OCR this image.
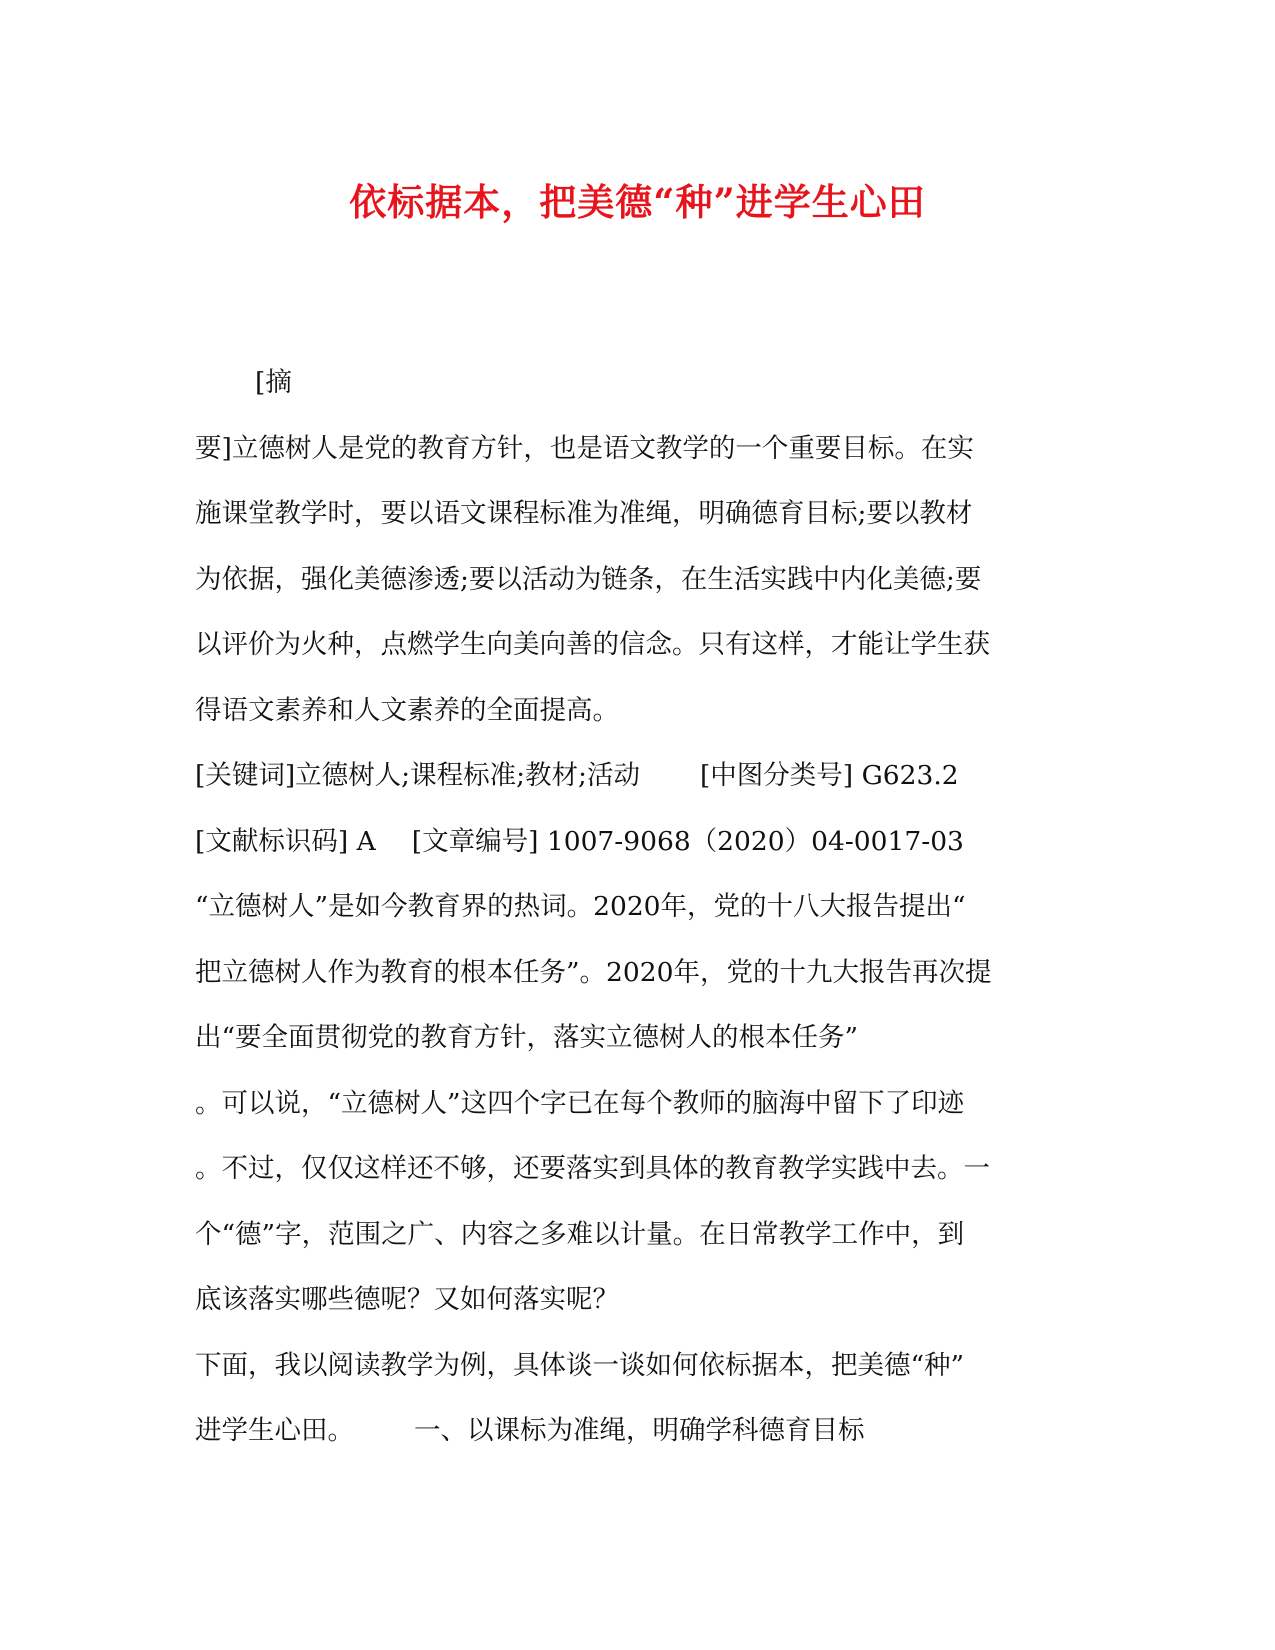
依标据本，把美德“种”进学生心田
[摘
要]立德树人是党的教育方针，也是语文教学的一个重要目标。在实
施课堂教学时，要以语文课程标准为准绳，明确德育目标;要以教材
为依据，强化美德渗透;要以活动为链条，在生活实践中内化美德;要
以评价为火种，点燃学生向美向善的信念。只有这样，才能让学生获
得语文素养和人文素养的全面提高。
[关键词]立德树人;课程标准;教材;活动 [中图分类号] G623.2
[文献标识码] A [文章编号] 1007-9068（2020）04-0017-03
“立德树人”是如今教育界的热词。2020年，党的十八大报告提出“
把立德树人作为教育的根本任务”。2020年，党的十九大报告再次提
出“要全面贯彻党的教育方针，落实立德树人的根本任务”
。可以说，“立德树人”这四个字已在每个教师的脑海中留下了印迹
。不过，仅仅这样还不够，还要落实到具体的教育教学实践中去。一
个“德”字，范围之广、内容之多难以计量。在日常教学工作中，到
底该落实哪些德呢？又如何落实呢？
下面，我以阅读教学为例，具体谈一谈如何依标据本，把美德“种”
进学生心田。 一、以课标为准绳，明确学科德育目标
